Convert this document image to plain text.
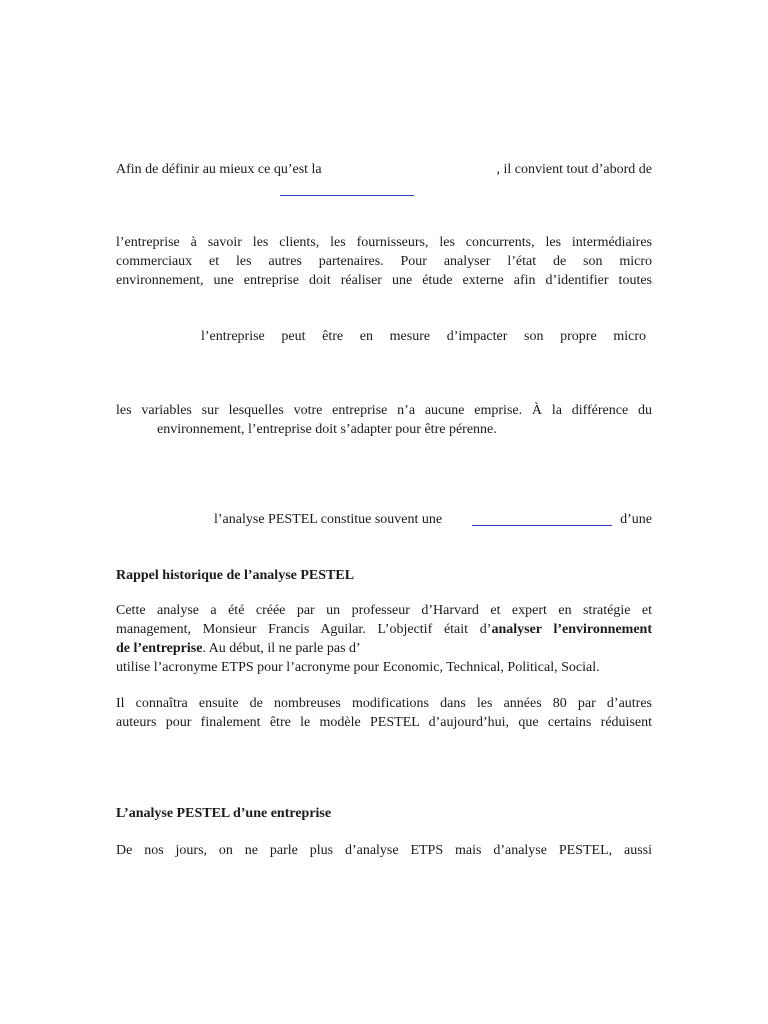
Afin de définir au mieux ce qu’est la	, il convient tout d’abord de
l’entreprise à savoir les clients, les fournisseurs, les concurrents, les intermédiaires
commerciaux et les autres partenaires. Pour analyser l’état de son micro
environnement, une entreprise doit réaliser une étude externe afin d’identifier toutes
l’entreprise peut être en mesure d’impacter son propre micro
les variables sur lesquelles votre entreprise n’a aucune emprise. À la différence du
environnement, l’entreprise doit s’adapter pour être pérenne.
l’analyse PESTEL constitue souvent une	d’une
Rappel historique de l’analyse PESTEL
Cette analyse a été créée par un professeur d’Harvard et expert en stratégie et
management, Monsieur Francis Aguilar. L’objectif était d’analyser l’environnement
de l’entreprise. Au début, il ne parle pas d’
utilise l’acronyme ETPS pour l’acronyme pour Economic, Technical, Political, Social.
Il connaîtra ensuite de nombreuses modifications dans les années 80 par d’autres
auteurs pour finalement être le modèle PESTEL d’aujourd’hui, que certains réduisent
L’analyse PESTEL d’une entreprise
De nos jours, on ne parle plus d’analyse ETPS mais d’analyse PESTEL, aussi
